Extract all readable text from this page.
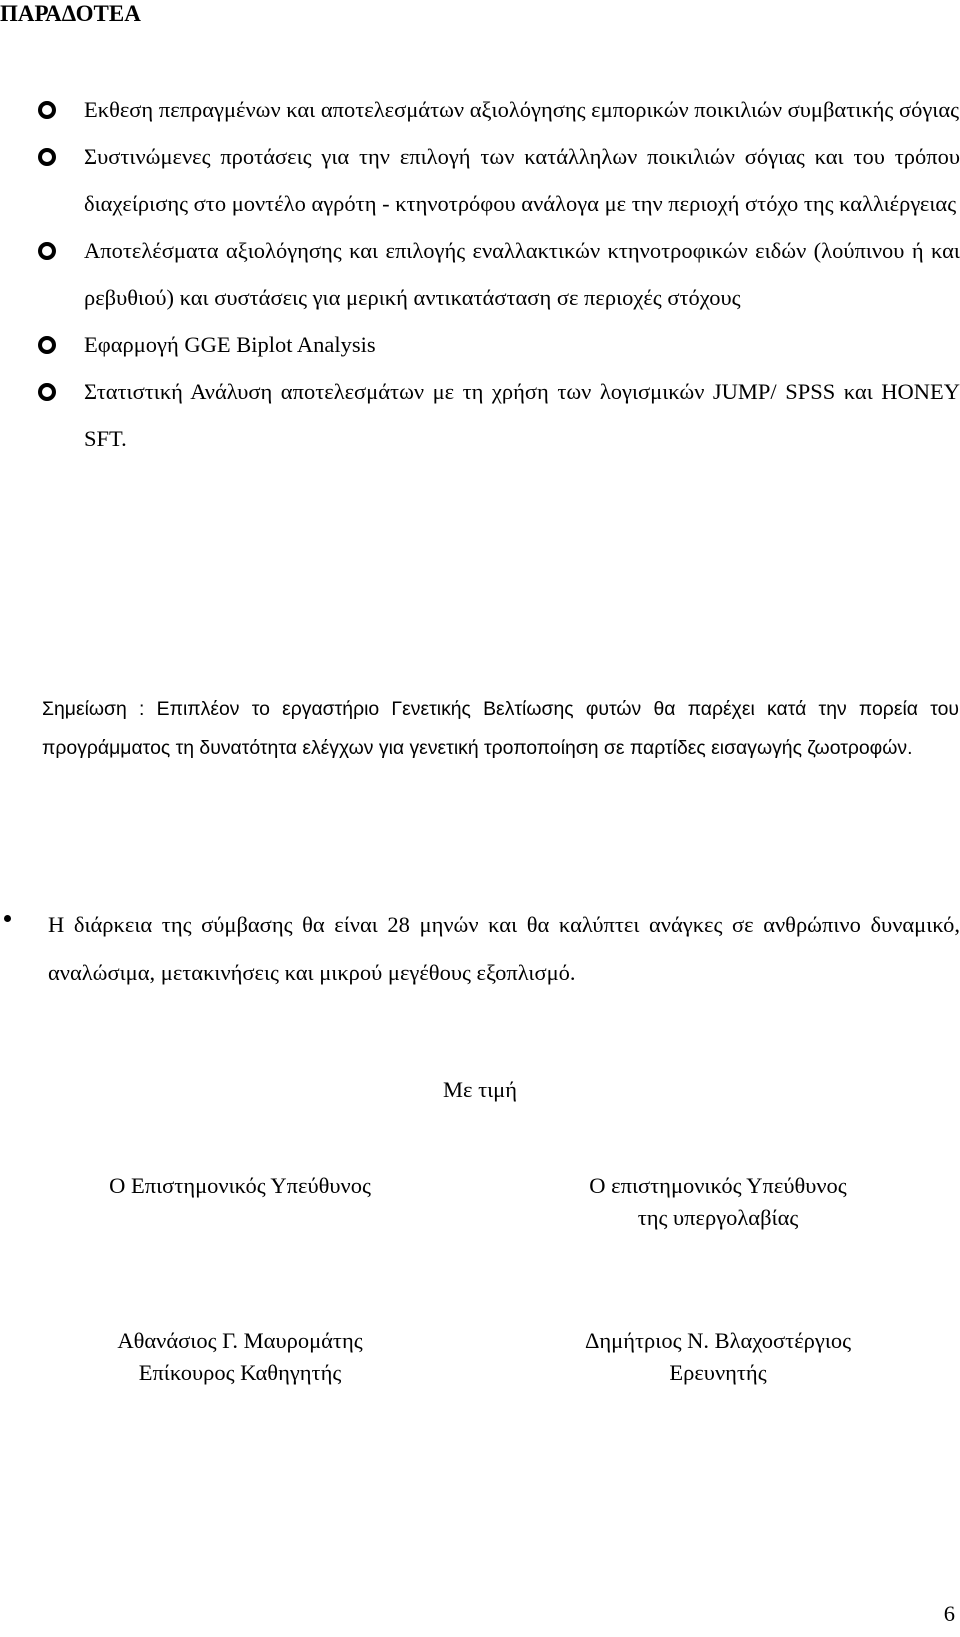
ΠΑΡΑΔΟΤΕΑ
Εκθεση πεπραγμένων και αποτελεσμάτων αξιολόγησης εμπορικών ποικιλιών συμβατικής σόγιας
Συστινώμενες προτάσεις για την επιλογή των κατάλληλων ποικιλιών σόγιας και του τρόπου διαχείρισης στο μοντέλο αγρότη - κτηνοτρόφου ανάλογα με την περιοχή στόχο της καλλιέργειας
Αποτελέσματα αξιολόγησης και επιλογής εναλλακτικών κτηνοτροφικών ειδών (λούπινου ή και ρεβυθιού) και συστάσεις για μερική αντικατάσταση σε περιοχές στόχους
Εφαρμογή GGE Biplot Analysis
Στατιστική Ανάλυση αποτελεσμάτων με τη χρήση των λογισμικών JUMP/ SPSS και HONEY SFT.

Σημείωση : Επιπλέον το εργαστήριο Γενετικής Βελτίωσης φυτών θα παρέχει κατά την πορεία του προγράμματος τη δυνατότητα ελέγχων για γενετική τροποποίηση σε παρτίδες εισαγωγής ζωοτροφών.

Η διάρκεια της σύμβασης θα είναι 28 μηνών και θα καλύπτει ανάγκες σε ανθρώπινο δυναμικό, αναλώσιμα, μετακινήσεις και μικρού μεγέθους εξοπλισμό.

Με τιμή

Ο Επιστημονικός Υπεύθυνος	Ο επιστημονικός Υπεύθυνος
της υπεργολαβίας
Αθανάσιος Γ. Μαυρομάτης
Επίκουρος Καθηγητής
Δημήτριος Ν. Βλαχοστέργιος
Ερευνητής
6
